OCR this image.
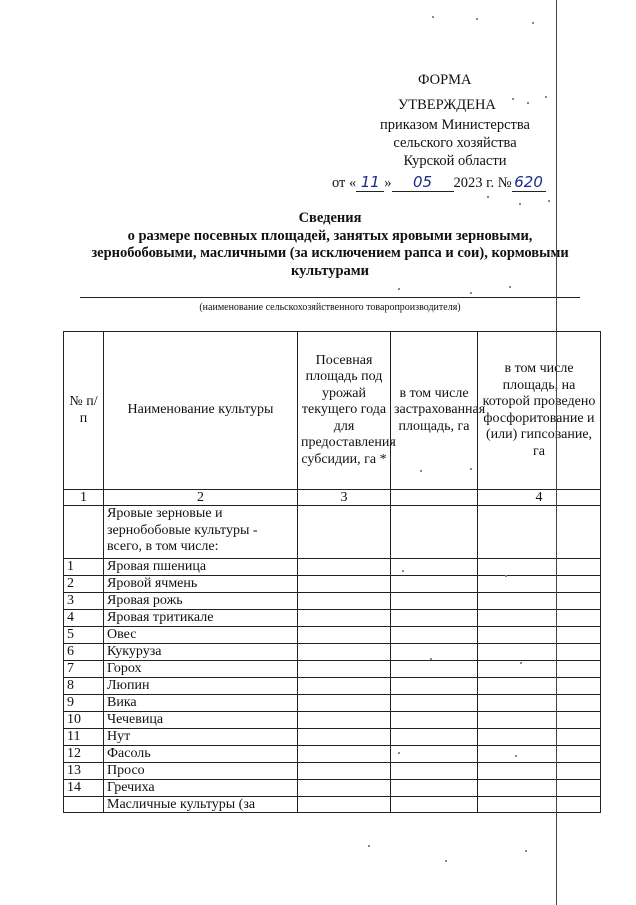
ФОРМА
УТВЕРЖДЕНА
приказом Министерства
сельского хозяйства
Курской области
от « 11 » 05 2023 г. № 620
Сведения
о размере посевных площадей, занятых яровыми зерновыми,
зернобобовыми, масличными (за исключением рапса и сои), кормовыми
культурами
(наименование сельскохозяйственного товаропроизводителя)
№ п/п	Наименование культуры	Посевная площадь под урожай текущего года для предоставления субсидии, га *	в том числе застрахованная площадь, га	в том числе площадь, на которой проведено фосфоритование и (или) гипсование, га
1	2	3		4
	Яровые зерновые и зернобобовые культуры - всего, в том числе:			
1	Яровая пшеница			
2	Яровой ячмень			
3	Яровая рожь			
4	Яровая тритикале			
5	Овес			
6	Кукуруза			
7	Горох			
8	Люпин			
9	Вика			
10	Чечевица			
11	Нут			
12	Фасоль			
13	Просо			
14	Гречиха			
	Масличные культуры (за			
